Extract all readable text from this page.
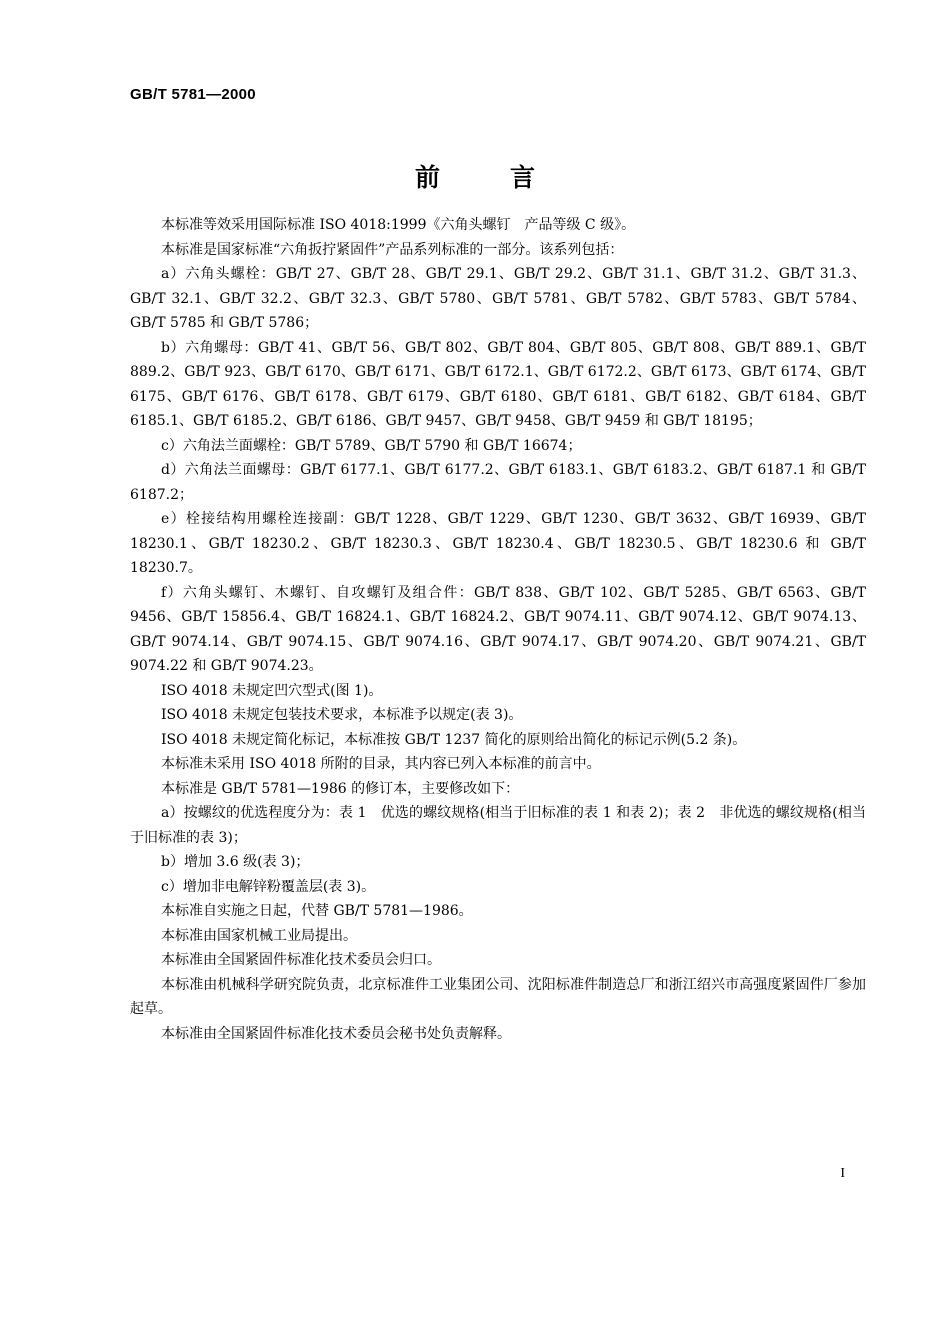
GB/T 5781—2000
前言

本标准等效采用国际标准 ISO 4018:1999《六角头螺钉　产品等级 C 级》。

本标准是国家标准“六角扳拧紧固件”产品系列标准的一部分。该系列包括：

a）六角头螺栓：GB/T 27、GB/T 28、GB/T 29.1、GB/T 29.2、GB/T 31.1、GB/T 31.2、GB/T 31.3、GB/T 32.1、GB/T 32.2、GB/T 32.3、GB/T 5780、GB/T 5781、GB/T 5782、GB/T 5783、GB/T 5784、GB/T 5785 和 GB/T 5786；

b）六角螺母：GB/T 41、GB/T 56、GB/T 802、GB/T 804、GB/T 805、GB/T 808、GB/T 889.1、GB/T 889.2、GB/T 923、GB/T 6170、GB/T 6171、GB/T 6172.1、GB/T 6172.2、GB/T 6173、GB/T 6174、GB/T 6175、GB/T 6176、GB/T 6178、GB/T 6179、GB/T 6180、GB/T 6181、GB/T 6182、GB/T 6184、GB/T 6185.1、GB/T 6185.2、GB/T 6186、GB/T 9457、GB/T 9458、GB/T 9459 和 GB/T 18195；

c）六角法兰面螺栓：GB/T 5789、GB/T 5790 和 GB/T 16674；

d）六角法兰面螺母：GB/T 6177.1、GB/T 6177.2、GB/T 6183.1、GB/T 6183.2、GB/T 6187.1 和 GB/T 6187.2；

e）栓接结构用螺栓连接副：GB/T 1228、GB/T 1229、GB/T 1230、GB/T 3632、GB/T 16939、GB/T 18230.1、GB/T 18230.2、GB/T 18230.3、GB/T 18230.4、GB/T 18230.5、GB/T 18230.6 和 GB/T 18230.7。

f）六角头螺钉、木螺钉、自攻螺钉及组合件：GB/T 838、GB/T 102、GB/T 5285、GB/T 6563、GB/T 9456、GB/T 15856.4、GB/T 16824.1、GB/T 16824.2、GB/T 9074.11、GB/T 9074.12、GB/T 9074.13、GB/T 9074.14、GB/T 9074.15、GB/T 9074.16、GB/T 9074.17、GB/T 9074.20、GB/T 9074.21、GB/T 9074.22 和 GB/T 9074.23。

ISO 4018 未规定凹穴型式(图 1)。

ISO 4018 未规定包装技术要求，本标准予以规定(表 3)。

ISO 4018 未规定简化标记，本标准按 GB/T 1237 简化的原则给出简化的标记示例(5.2 条)。

本标准未采用 ISO 4018 所附的目录，其内容已列入本标准的前言中。

本标准是 GB/T 5781—1986 的修订本，主要修改如下：

a）按螺纹的优选程度分为：表 1　优选的螺纹规格(相当于旧标准的表 1 和表 2)；表 2　非优选的螺纹规格(相当于旧标准的表 3)；

b）增加 3.6 级(表 3)；

c）增加非电解锌粉覆盖层(表 3)。

本标准自实施之日起，代替 GB/T 5781—1986。

本标准由国家机械工业局提出。

本标准由全国紧固件标准化技术委员会归口。

本标准由机械科学研究院负责，北京标准件工业集团公司、沈阳标准件制造总厂和浙江绍兴市高强度紧固件厂参加起草。

本标准由全国紧固件标准化技术委员会秘书处负责解释。

I
